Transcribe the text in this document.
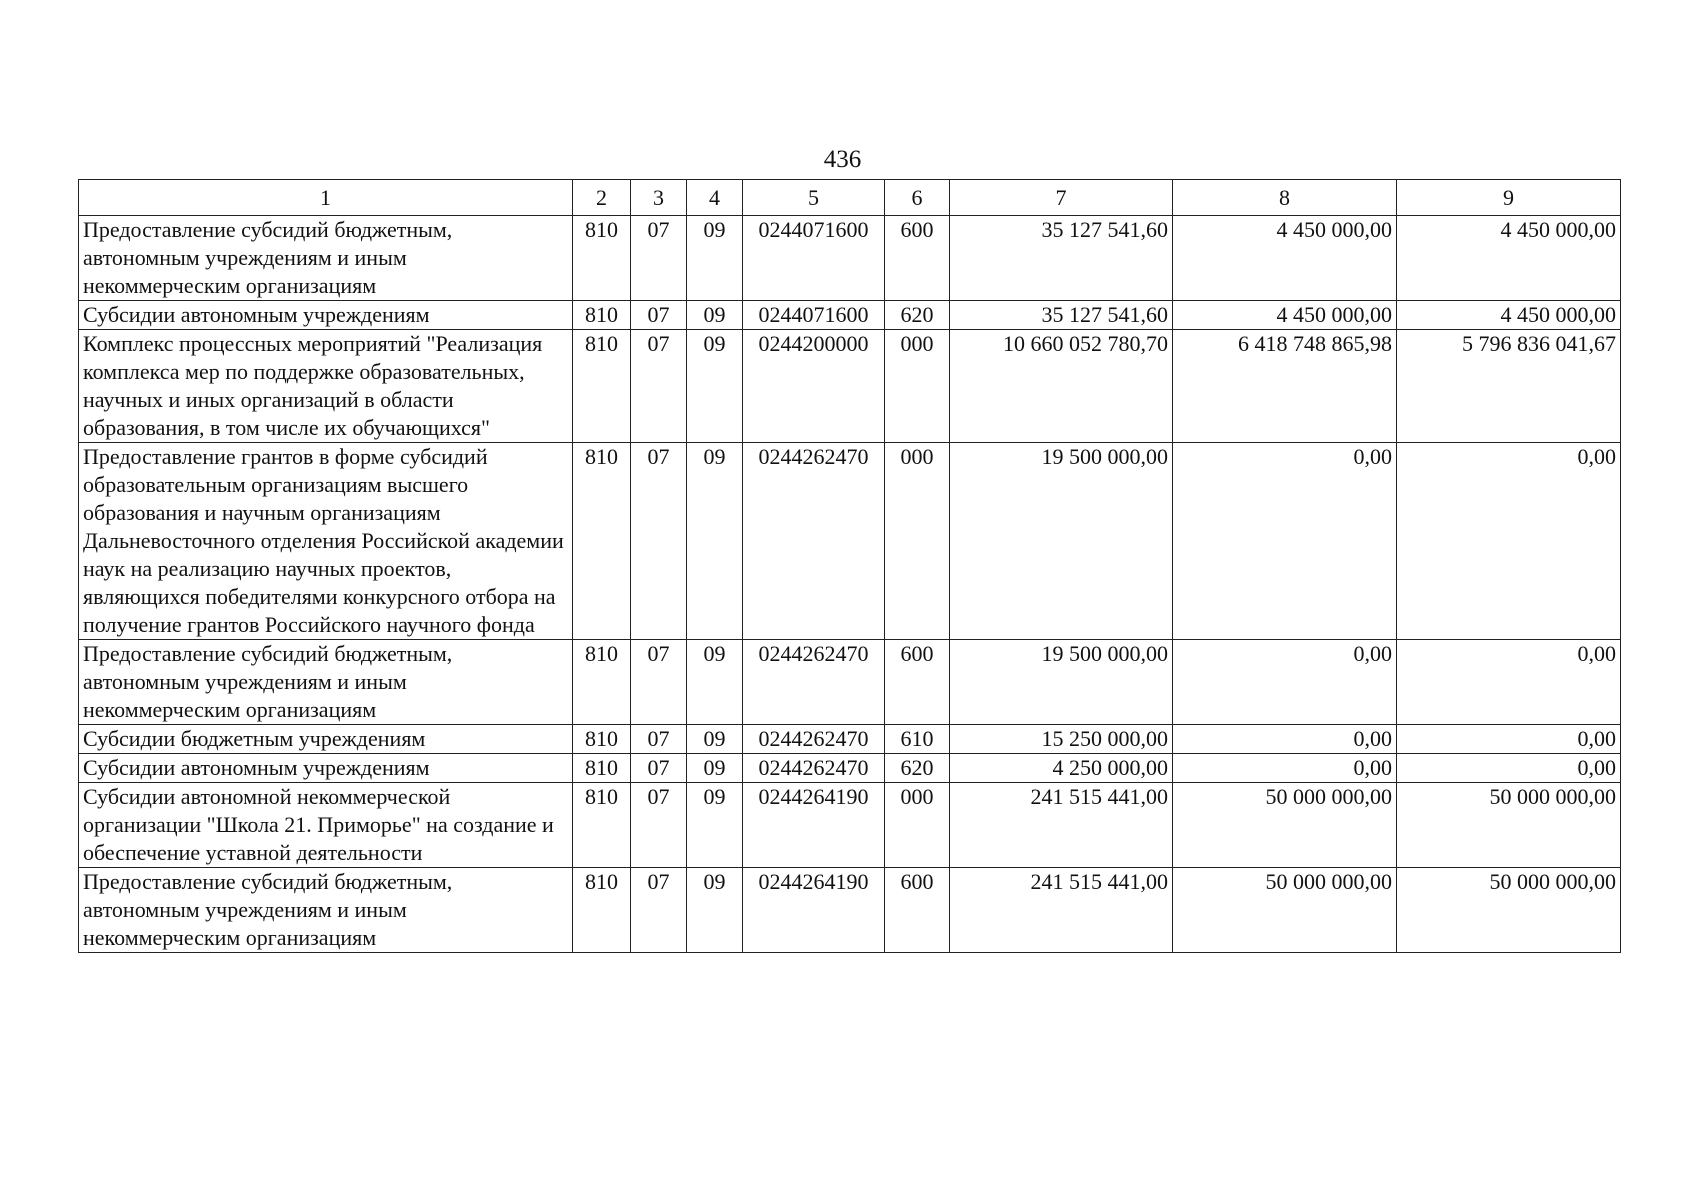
436
1	2	3	4	5	6	7	8	9
Предоставление субсидий бюджетным, автономным учреждениям и иным некоммерческим организациям	810	07	09	0244071600	600	35 127 541,60	4 450 000,00	4 450 000,00
Субсидии автономным учреждениям	810	07	09	0244071600	620	35 127 541,60	4 450 000,00	4 450 000,00
Комплекс процессных мероприятий "Реализация комплекса мер по поддержке образовательных, научных и иных организаций в области образования, в том числе их обучающихся"	810	07	09	0244200000	000	10 660 052 780,70	6 418 748 865,98	5 796 836 041,67
Предоставление грантов в форме субсидий образовательным организациям высшего образования и научным организациям Дальневосточного отделения Российской академии наук на реализацию научных проектов, являющихся победителями конкурсного отбора на получение грантов Российского научного фонда	810	07	09	0244262470	000	19 500 000,00	0,00	0,00
Предоставление субсидий бюджетным, автономным учреждениям и иным некоммерческим организациям	810	07	09	0244262470	600	19 500 000,00	0,00	0,00
Субсидии бюджетным учреждениям	810	07	09	0244262470	610	15 250 000,00	0,00	0,00
Субсидии автономным учреждениям	810	07	09	0244262470	620	4 250 000,00	0,00	0,00
Субсидии автономной некоммерческой организации "Школа 21. Приморье" на создание и обеспечение уставной деятельности	810	07	09	0244264190	000	241 515 441,00	50 000 000,00	50 000 000,00
Предоставление субсидий бюджетным, автономным учреждениям и иным некоммерческим организациям	810	07	09	0244264190	600	241 515 441,00	50 000 000,00	50 000 000,00
